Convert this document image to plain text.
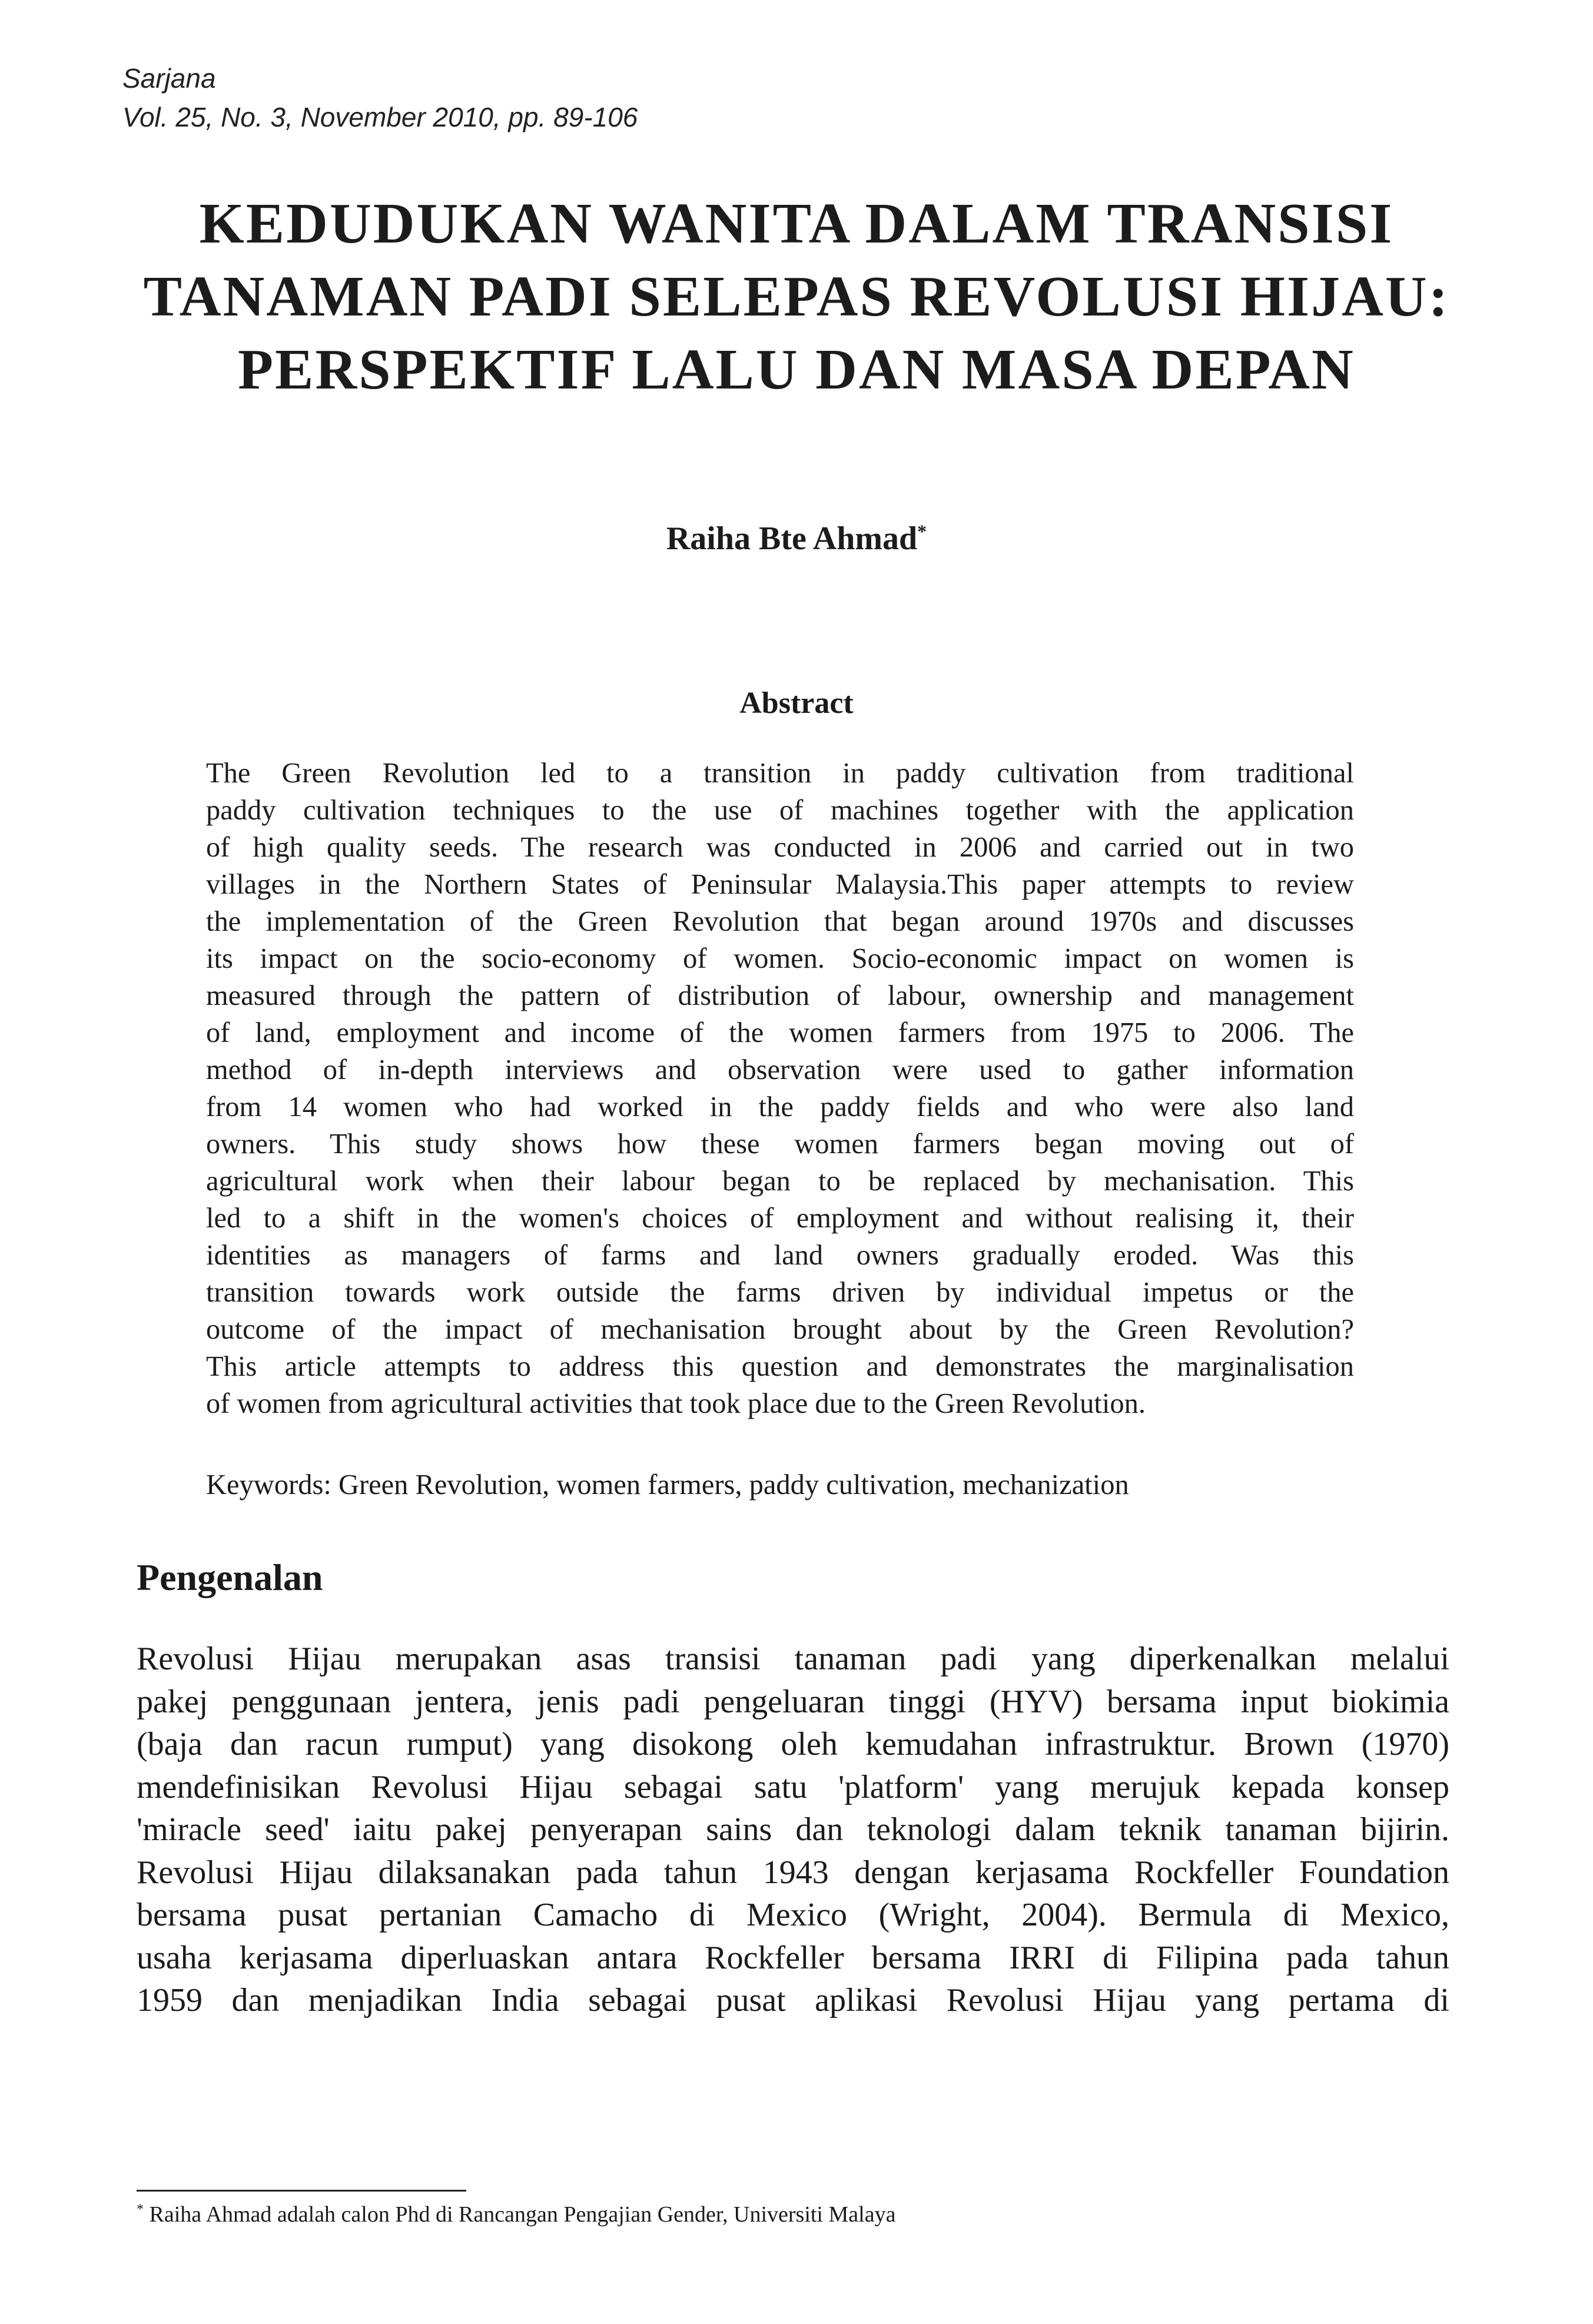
Sarjana
Vol. 25, No. 3, November 2010, pp. 89-106
KEDUDUKAN WANITA DALAM TRANSISI
TANAMAN PADI SELEPAS REVOLUSI HIJAU:
PERSPEKTIF LALU DAN MASA DEPAN
Raiha Bte Ahmad*
Abstract
The Green Revolution led to a transition in paddy cultivation from traditional
paddy cultivation techniques to the use of machines together with the application
of high quality seeds. The research was conducted in 2006 and carried out in two
villages in the Northern States of Peninsular Malaysia.This paper attempts to review
the implementation of the Green Revolution that began around 1970s and discusses
its impact on the socio-economy of women. Socio-economic impact on women is
measured through the pattern of distribution of labour, ownership and management
of land, employment and income of the women farmers from 1975 to 2006. The
method of in-depth interviews and observation were used to gather information
from 14 women who had worked in the paddy fields and who were also land
owners. This study shows how these women farmers began moving out of
agricultural work when their labour began to be replaced by mechanisation. This
led to a shift in the women's choices of employment and without realising it, their
identities as managers of farms and land owners gradually eroded. Was this
transition towards work outside the farms driven by individual impetus or the
outcome of the impact of mechanisation brought about by the Green Revolution?
This article attempts to address this question and demonstrates the marginalisation
of women from agricultural activities that took place due to the Green Revolution.
Keywords: Green Revolution, women farmers, paddy cultivation, mechanization
Pengenalan
Revolusi Hijau merupakan asas transisi tanaman padi yang diperkenalkan melalui
pakej penggunaan jentera, jenis padi pengeluaran tinggi (HYV) bersama input biokimia
(baja dan racun rumput) yang disokong oleh kemudahan infrastruktur. Brown (1970)
mendefinisikan Revolusi Hijau sebagai satu 'platform' yang merujuk kepada konsep
'miracle seed' iaitu pakej penyerapan sains dan teknologi dalam teknik tanaman bijirin.
Revolusi Hijau dilaksanakan pada tahun 1943 dengan kerjasama Rockfeller Foundation
bersama pusat pertanian Camacho di Mexico (Wright, 2004). Bermula di Mexico,
usaha kerjasama diperluaskan antara Rockfeller bersama IRRI di Filipina pada tahun
1959 dan menjadikan India sebagai pusat aplikasi Revolusi Hijau yang pertama di
* Raiha Ahmad adalah calon Phd di Rancangan Pengajian Gender, Universiti Malaya
